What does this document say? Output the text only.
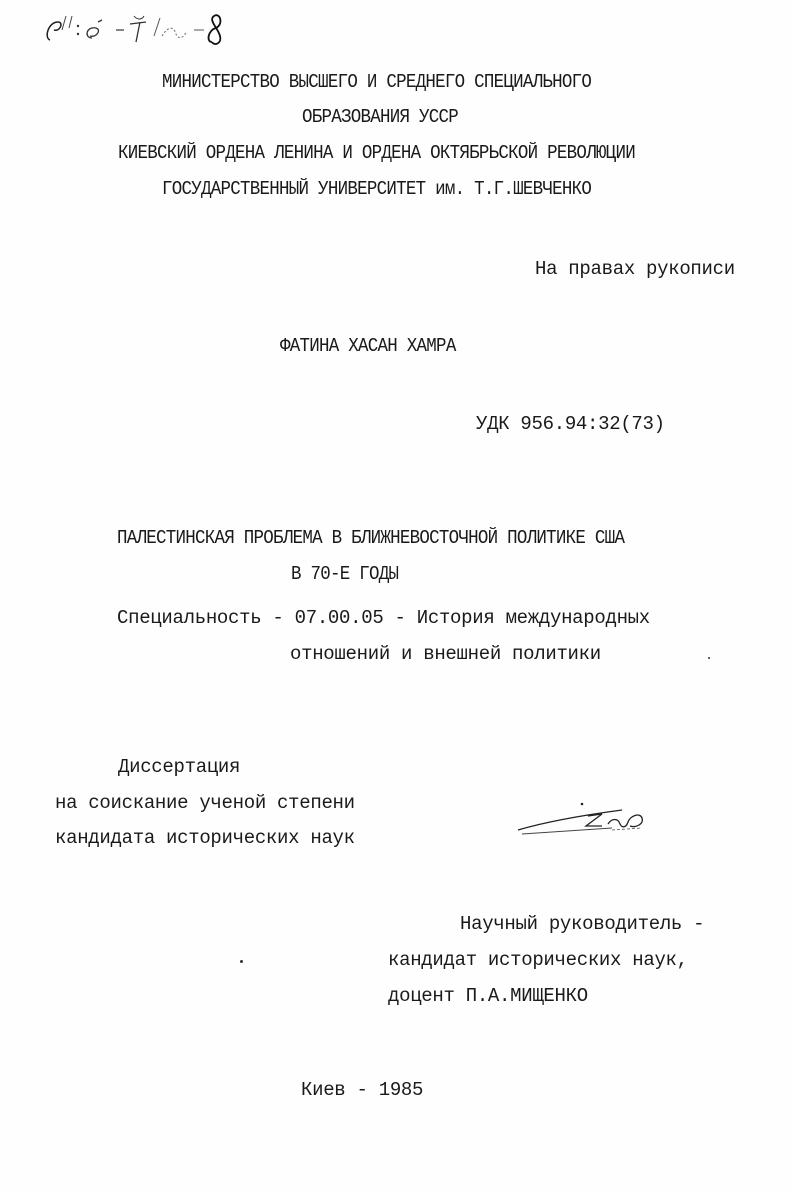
МИНИСТЕРСТВО ВЫСШЕГО И СРЕДНЕГО СПЕЦИАЛЬНОГО
ОБРАЗОВАНИЯ УССР
КИЕВСКИЙ ОРДЕНА ЛЕНИНА И ОРДЕНА ОКТЯБРЬСКОЙ РЕВОЛЮЦИИ
ГОСУДАРСТВЕННЫЙ УНИВЕРСИТЕТ им. Т.Г.ШЕВЧЕНКО
На правах рукописи
ФАТИНА ХАСАН ХАМРА
УДК 956.94:32(73)
ПАЛЕСТИНСКАЯ ПРОБЛЕМА В БЛИЖНЕВОСТОЧНОЙ ПОЛИТИКЕ США
В 70-Е ГОДЫ
Специальность - 07.00.05 - История международных
отношений и внешней политики
Диссертация
на соискание ученой степени
кандидата исторических наук
Научный руководитель -
кандидат исторических наук,
доцент П.А.МИЩЕНКО
Киев - 1985
